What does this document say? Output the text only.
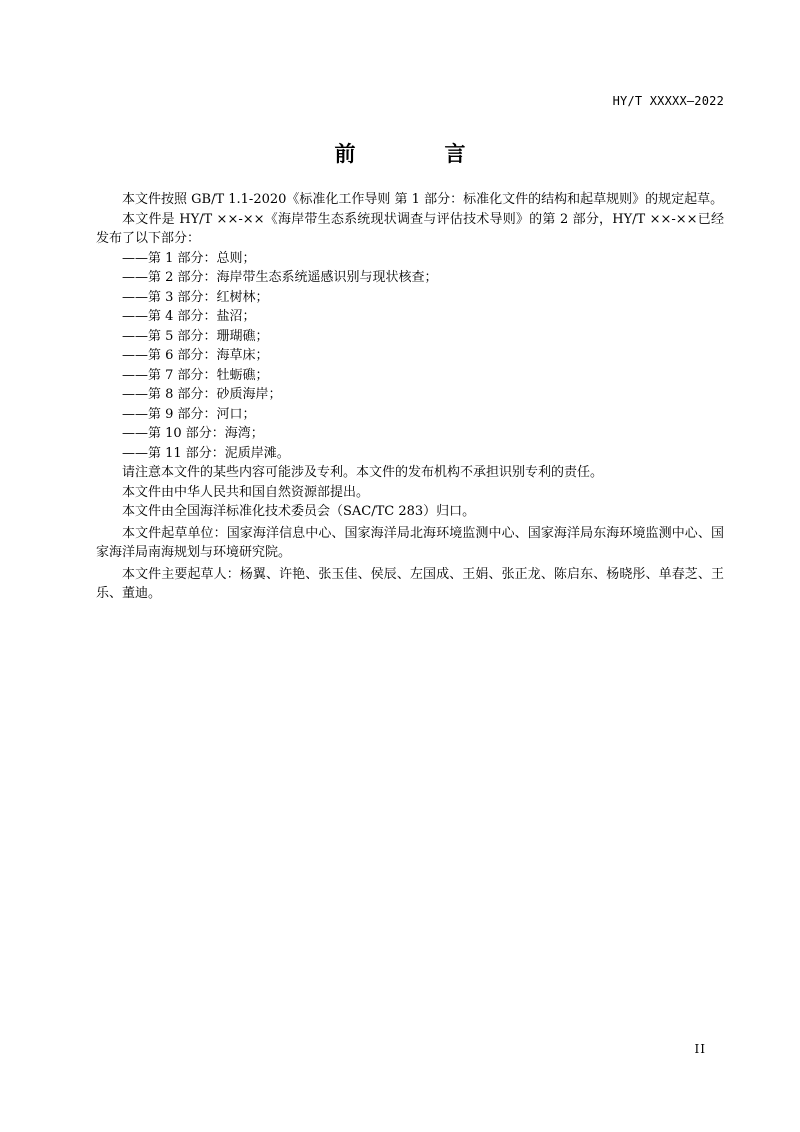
HY/T XXXXX—2022
前　言

本文件按照 GB/T 1.1-2020《标准化工作导则 第 1 部分：标准化文件的结构和起草规则》的规定起草。

本文件是 HY/T ××-××《海岸带生态系统现状调查与评估技术导则》的第 2 部分，HY/T ××-××已经发布了以下部分：

——第 1 部分：总则；
——第 2 部分：海岸带生态系统遥感识别与现状核查；
——第 3 部分：红树林；
——第 4 部分：盐沼；
——第 5 部分：珊瑚礁；
——第 6 部分：海草床；
——第 7 部分：牡蛎礁；
——第 8 部分：砂质海岸；
——第 9 部分：河口；
——第 10 部分：海湾；
——第 11 部分：泥质岸滩。

请注意本文件的某些内容可能涉及专利。本文件的发布机构不承担识别专利的责任。

本文件由中华人民共和国自然资源部提出。

本文件由全国海洋标准化技术委员会（SAC/TC 283）归口。

本文件起草单位：国家海洋信息中心、国家海洋局北海环境监测中心、国家海洋局东海环境监测中心、国家海洋局南海规划与环境研究院。

本文件主要起草人：杨翼、许艳、张玉佳、侯辰、左国成、王娟、张正龙、陈启东、杨晓彤、单春芝、王乐、董迪。

II
